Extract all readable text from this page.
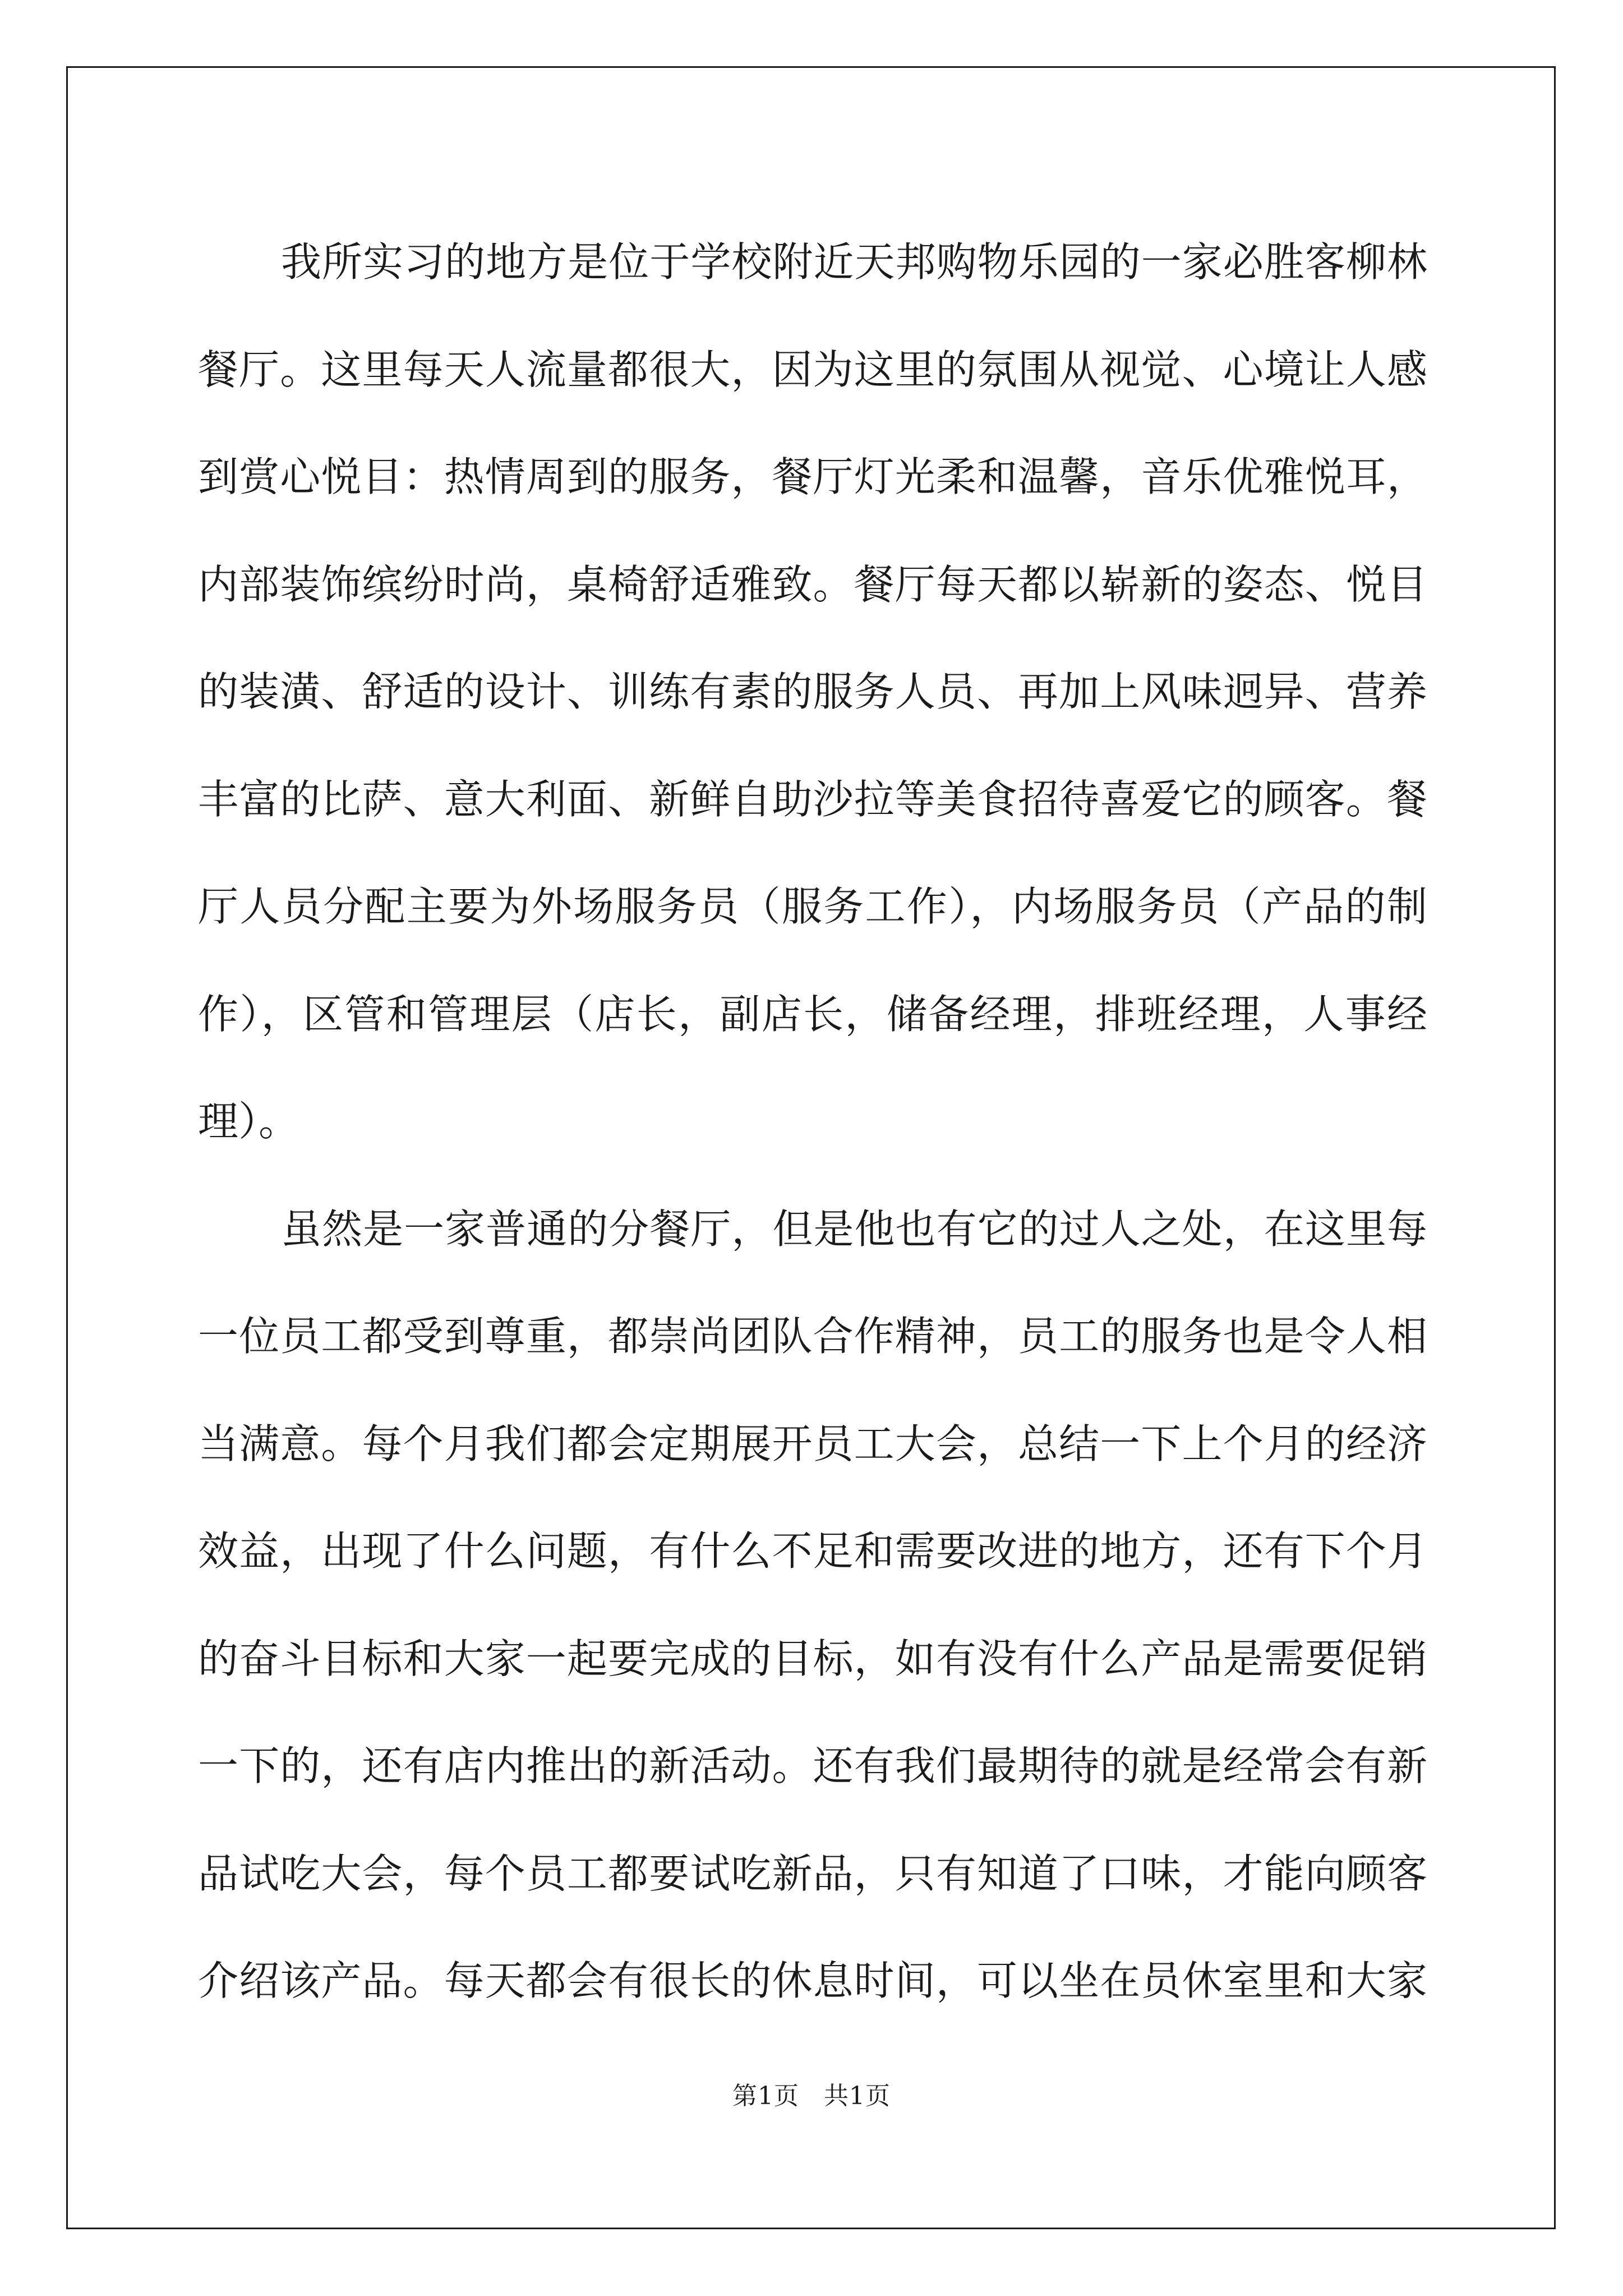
我所实习的地方是位于学校附近天邦购物乐园的一家必胜客柳林
餐厅。这里每天人流量都很大，因为这里的氛围从视觉、心境让人感
到赏心悦目：热情周到的服务，餐厅灯光柔和温馨，音乐优雅悦耳，
内部装饰缤纷时尚，桌椅舒适雅致。餐厅每天都以崭新的姿态、悦目
的装潢、舒适的设计、训练有素的服务人员、再加上风味迥异、营养
丰富的比萨、意大利面、新鲜自助沙拉等美食招待喜爱它的顾客。餐
厅人员分配主要为外场服务员（服务工作），内场服务员（产品的制
作），区管和管理层（店长，副店长，储备经理，排班经理，人事经
理）。
虽然是一家普通的分餐厅，但是他也有它的过人之处，在这里每
一位员工都受到尊重，都崇尚团队合作精神，员工的服务也是令人相
当满意。每个月我们都会定期展开员工大会，总结一下上个月的经济
效益，出现了什么问题，有什么不足和需要改进的地方，还有下个月
的奋斗目标和大家一起要完成的目标，如有没有什么产品是需要促销
一下的，还有店内推出的新活动。还有我们最期待的就是经常会有新
品试吃大会，每个员工都要试吃新品，只有知道了口味，才能向顾客
介绍该产品。每天都会有很长的休息时间，可以坐在员休室里和大家
第1页 共1页
